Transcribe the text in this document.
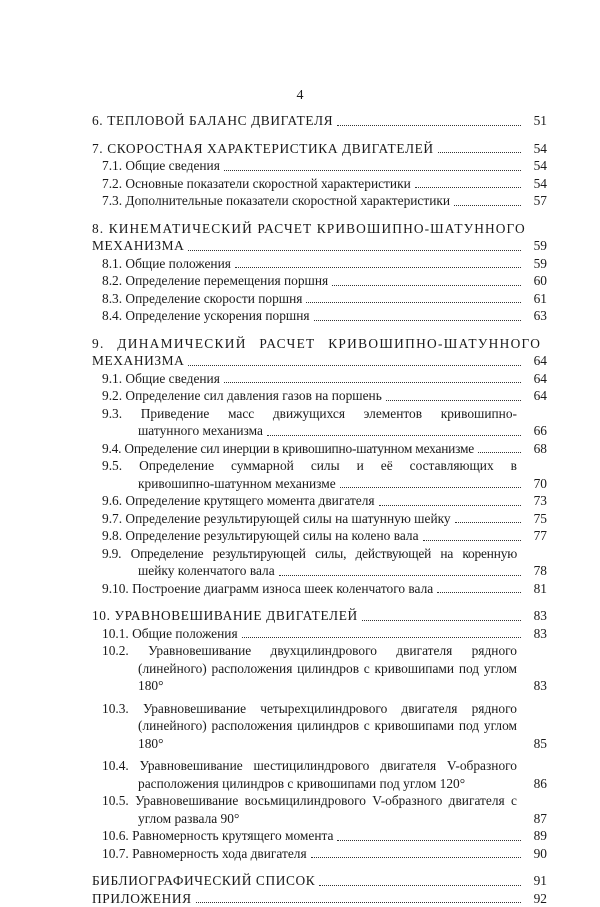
4
6. ТЕПЛОВОЙ БАЛАНС ДВИГАТЕЛЯ	51
7. СКОРОСТНАЯ ХАРАКТЕРИСТИКА ДВИГАТЕЛЕЙ	54
7.1. Общие сведения	54
7.2. Основные показатели скоростной характеристики	54
7.3. Дополнительные показатели скоростной характеристики	57
8. КИНЕМАТИЧЕСКИЙ РАСЧЕТ КРИВОШИПНО-ШАТУННОГО
МЕХАНИЗМА	59
8.1. Общие положения	59
8.2. Определение перемещения поршня	60
8.3. Определение скорости поршня	61
8.4. Определение ускорения поршня	63
9. ДИНАМИЧЕСКИЙ РАСЧЕТ КРИВОШИПНО-ШАТУННОГО
МЕХАНИЗМА	64
9.1. Общие сведения	64
9.2. Определение сил давления газов на поршень	64
9.3. Приведение масс движущихся элементов кривошипно-
шатунного механизма	66
9.4. Определение сил инерции в кривошипно-шатунном механизме	68
9.5. Определение суммарной силы и её составляющих в
кривошипно-шатунном механизме	70
9.6. Определение крутящего момента двигателя	73
9.7. Определение результирующей силы на шатунную шейку	75
9.8. Определение результирующей силы на колено вала	77
9.9. Определение результирующей силы, действующей на коренную
шейку коленчатого вала	78
9.10. Построение диаграмм износа шеек коленчатого вала	81
10. УРАВНОВЕШИВАНИЕ ДВИГАТЕЛЕЙ	83
10.1. Общие положения	83
10.2. Уравновешивание двухцилиндрового двигателя рядного (линейного) расположения цилиндров с кривошипами под углом 180°	83
10.3. Уравновешивание четырехцилиндрового двигателя рядного (линейного) расположения цилиндров с кривошипами под углом 180°	85
10.4. Уравновешивание шестицилиндрового двигателя V-образного расположения цилиндров с кривошипами под углом 120°	86
10.5. Уравновешивание восьмицилиндрового V-образного двигателя с углом развала 90°	87
10.6. Равномерность крутящего момента	89
10.7. Равномерность хода двигателя	90
БИБЛИОГРАФИЧЕСКИЙ СПИСОК	91
ПРИЛОЖЕНИЯ	92
